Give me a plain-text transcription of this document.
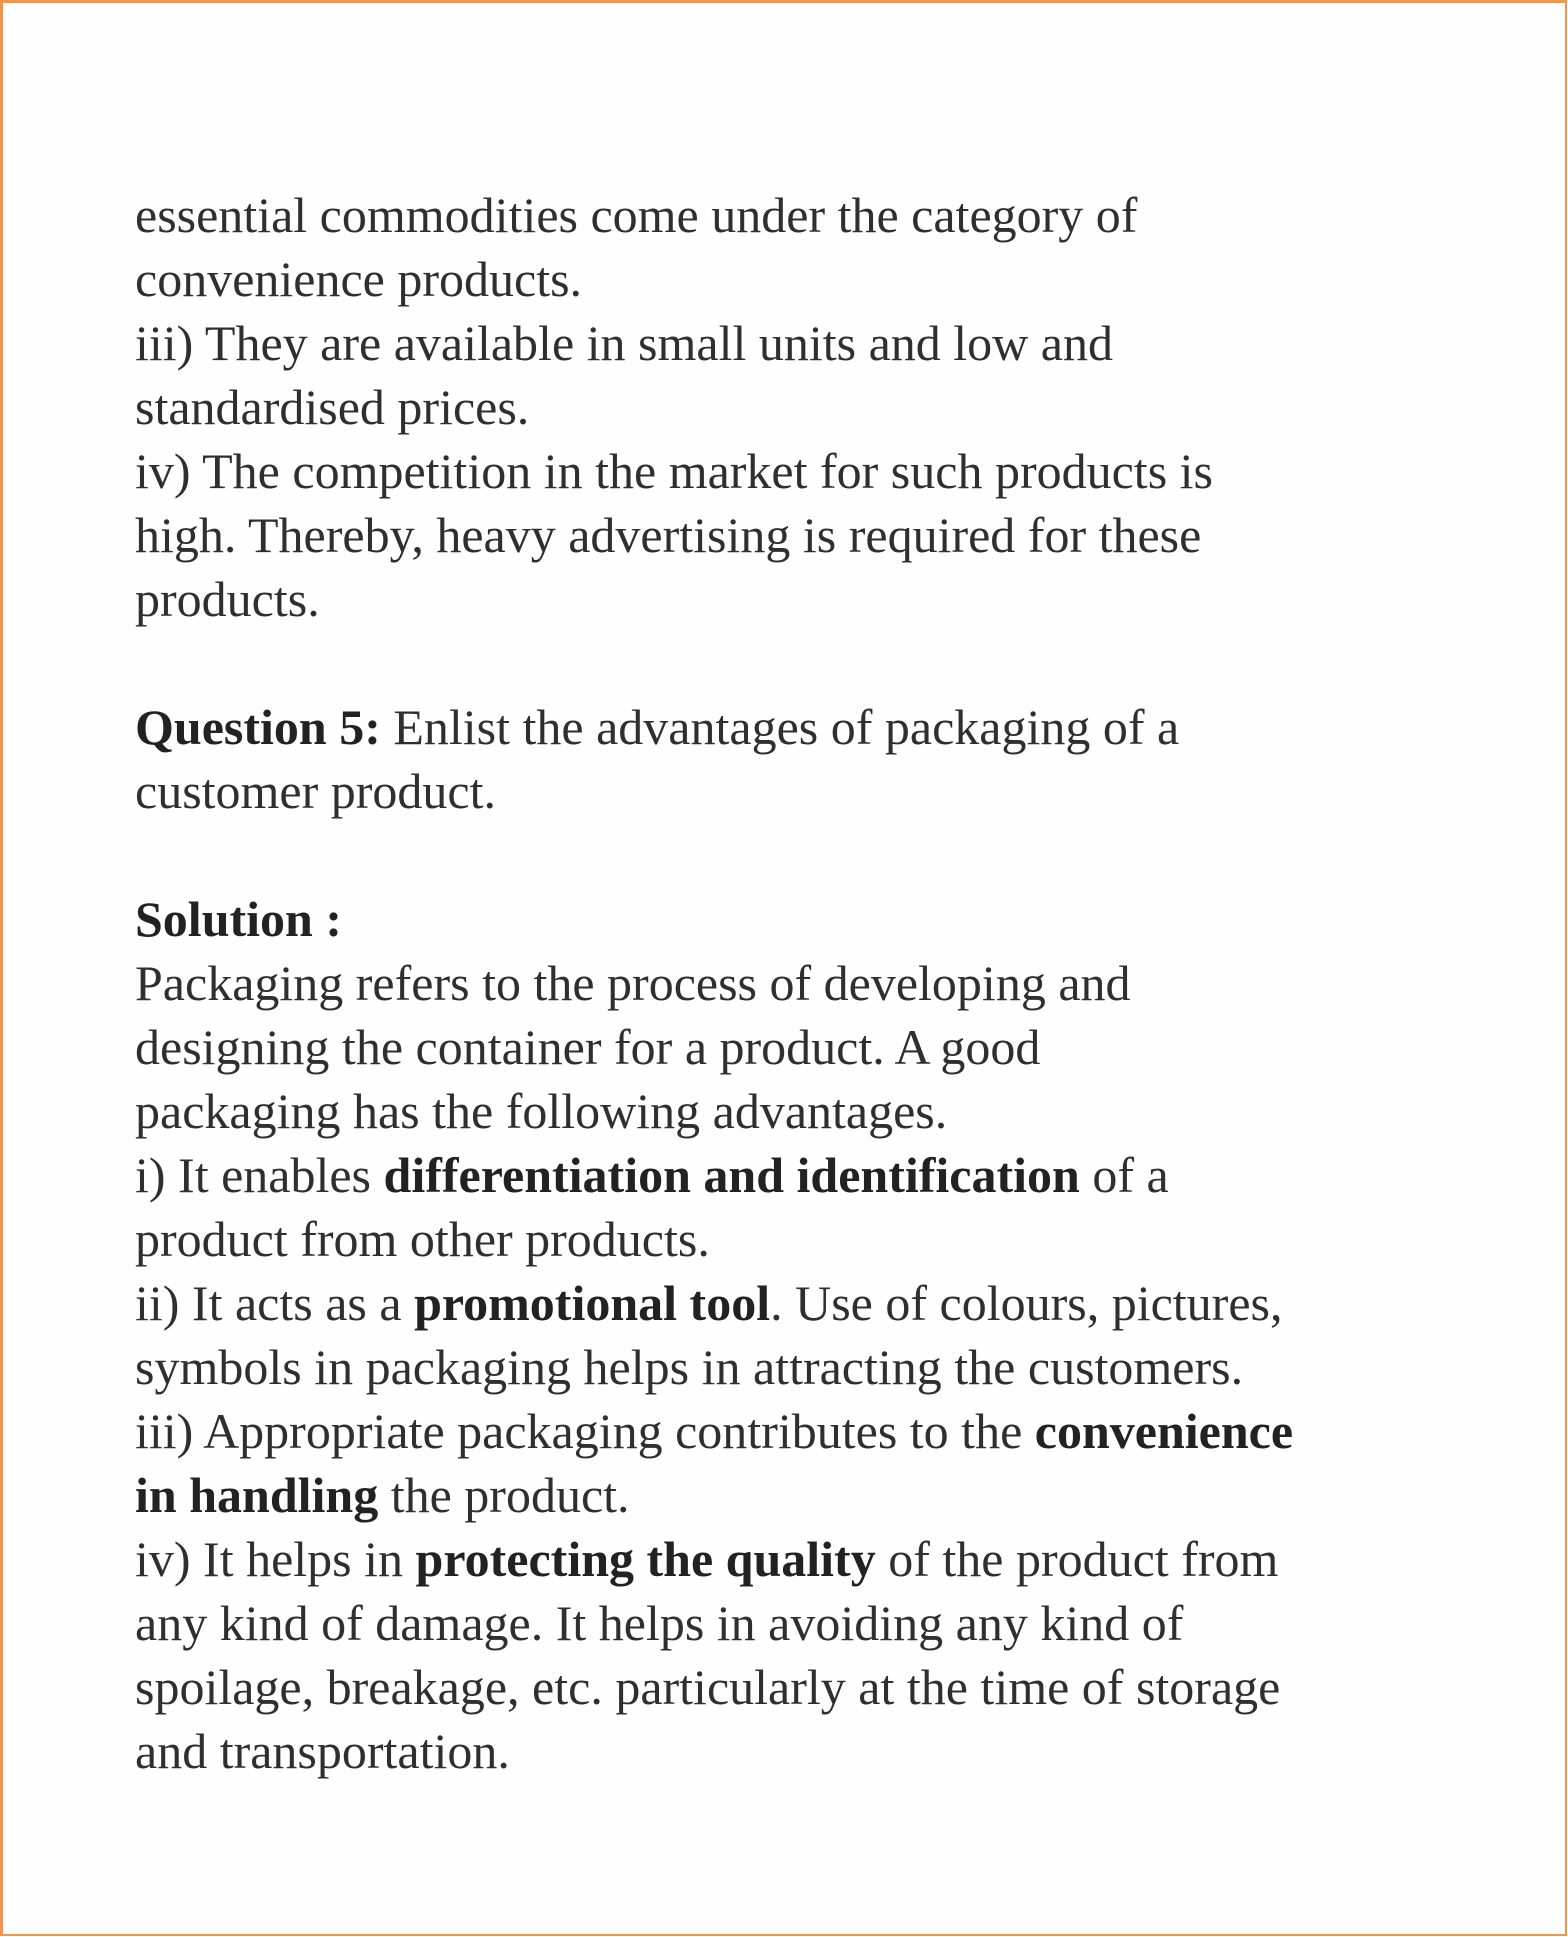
essential commodities come under the category of
convenience products.
iii) They are available in small units and low and
standardised prices.
iv) The competition in the market for such products is
high. Thereby, heavy advertising is required for these
products.
Question 5: Enlist the advantages of packaging of a
customer product.
Solution :
Packaging refers to the process of developing and
designing the container for a product. A good
packaging has the following advantages.
i) It enables differentiation and identification of a
product from other products.
ii) It acts as a promotional tool. Use of colours, pictures,
symbols in packaging helps in attracting the customers.
iii) Appropriate packaging contributes to the convenience
in handling the product.
iv) It helps in protecting the quality of the product from
any kind of damage. It helps in avoiding any kind of
spoilage, breakage, etc. particularly at the time of storage
and transportation.
